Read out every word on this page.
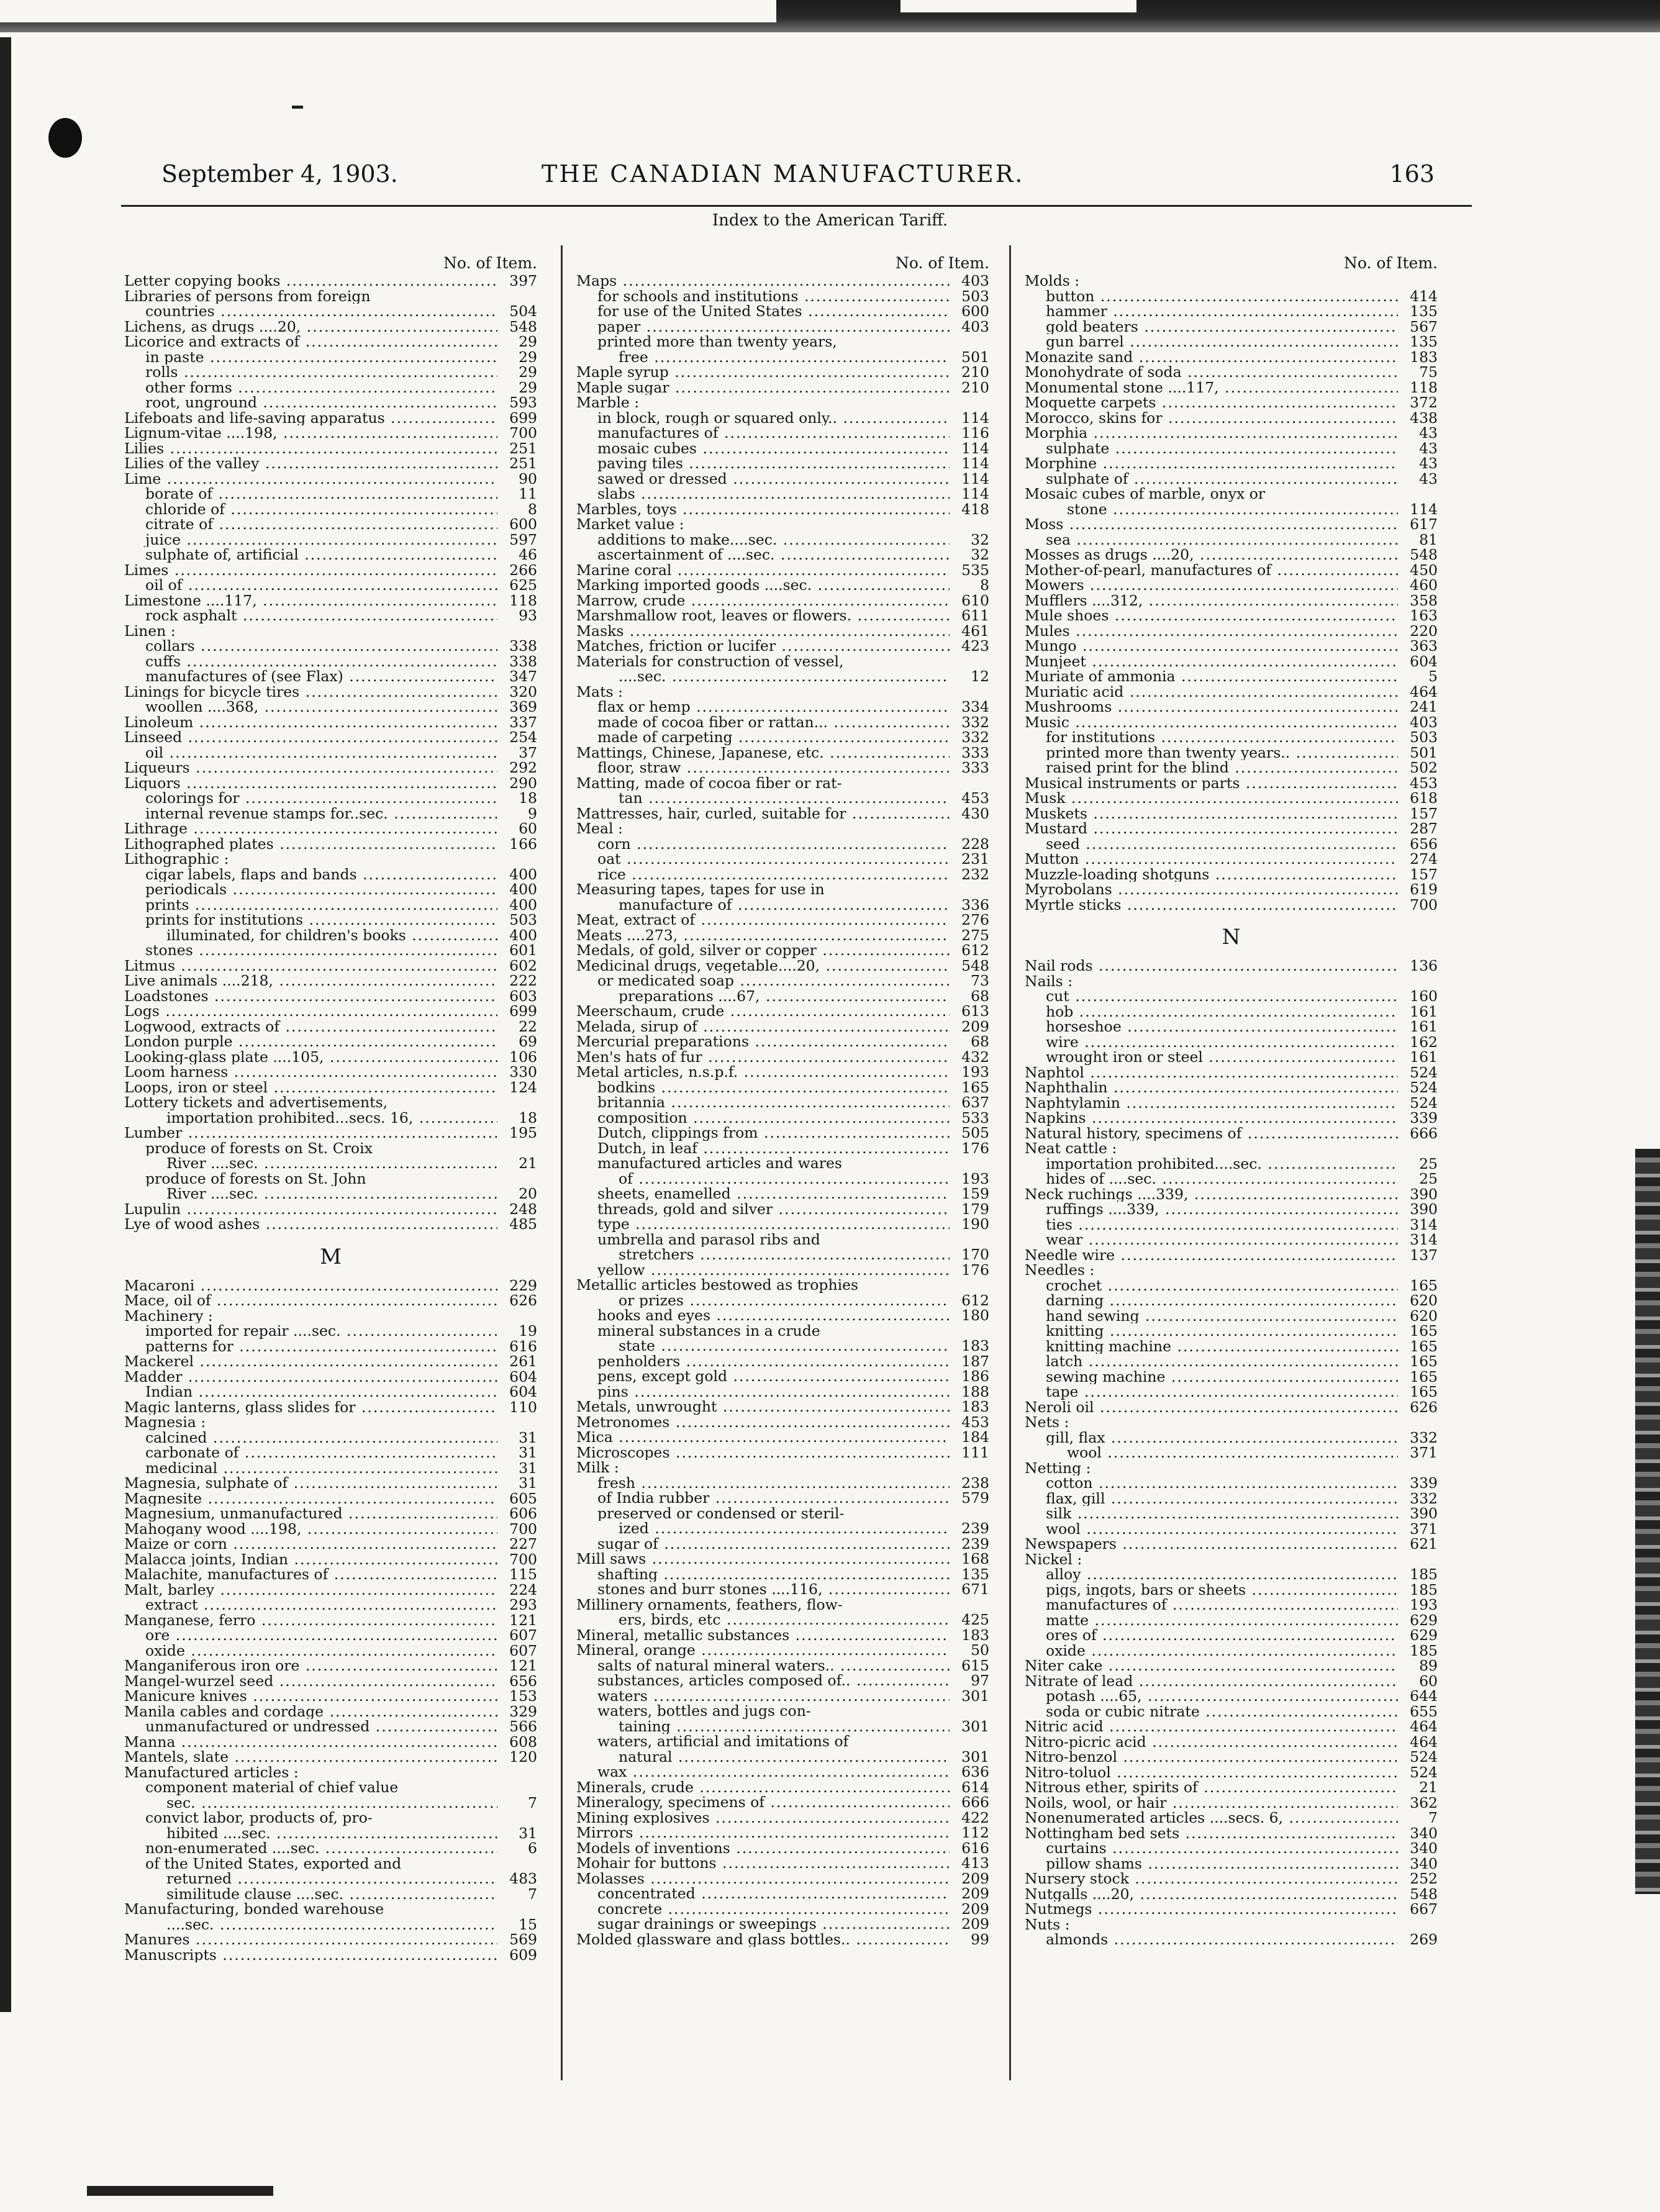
September 4, 1903.	THE CANADIAN MANUFACTURER.	163
Index to the American Tariff.
No. of Item.
Letter copying books .....	397
Libraries of persons from foreign
countries .....	504
Lichens, as drugs ....20, .....	548
Licorice and extracts of .....	29
in paste .....	29
rolls .....	29
other forms .....	29
root, unground .....	593
Lifeboats and life-saving apparatus .....	699
Lignum-vitae ....198, .....	700
Lilies .....	251
Lilies of the valley .....	251
Lime .....	90
borate of .....	11
chloride of .....	8
citrate of .....	600
juice .....	597
sulphate of, artificial .....	46
Limes .....	266
oil of .....	625
Limestone ....117, .....	118
rock asphalt .....	93
Linen :
collars .....	338
cuffs .....	338
manufactures of (see Flax) .....	347
Linings for bicycle tires .....	320
woollen ....368, .....	369
Linoleum .....	337
Linseed .....	254
oil .....	37
Liqueurs .....	292
Liquors .....	290
colorings for .....	18
internal revenue stamps for..sec. .....	9
Lithrage .....	60
Lithographed plates .....	166
Lithographic :
cigar labels, flaps and bands .....	400
periodicals .....	400
prints .....	400
prints for institutions .....	503
illuminated, for children's books .....	400
stones .....	601
Litmus .....	602
Live animals ....218, .....	222
Loadstones .....	603
Logs .....	699
Logwood, extracts of .....	22
London purple .....	69
Looking-glass plate ....105, .....	106
Loom harness .....	330
Loops, iron or steel .....	124
Lottery tickets and advertisements,
importation prohibited...secs. 16, .....	18
Lumber .....	195
produce of forests on St. Croix
River ....sec. .....	21
produce of forests on St. John
River ....sec. .....	20
Lupulin .....	248
Lye of wood ashes .....	485
M
Macaroni .....	229
Mace, oil of .....	626
Machinery :
imported for repair ....sec. .....	19
patterns for .....	616
Mackerel .....	261
Madder .....	604
Indian .....	604
Magic lanterns, glass slides for .....	110
Magnesia :
calcined .....	31
carbonate of .....	31
medicinal .....	31
Magnesia, sulphate of .....	31
Magnesite .....	605
Magnesium, unmanufactured .....	606
Mahogany wood ....198, .....	700
Maize or corn .....	227
Malacca joints, Indian .....	700
Malachite, manufactures of .....	115
Malt, barley .....	224
extract .....	293
Manganese, ferro .....	121
ore .....	607
oxide .....	607
Manganiferous iron ore .....	121
Mangel-wurzel seed .....	656
Manicure knives .....	153
Manila cables and cordage .....	329
unmanufactured or undressed .....	566
Manna .....	608
Mantels, slate .....	120
Manufactured articles :
component material of chief value
sec. .....	7
convict labor, products of, pro-
hibited ....sec. .....	31
non-enumerated ....sec. .....	6
of the United States, exported and
returned .....	483
similitude clause ....sec. .....	7
Manufacturing, bonded warehouse
....sec. .....	15
Manures .....	569
Manuscripts .....	609
No. of Item.
Maps .....	403
for schools and institutions .....	503
for use of the United States .....	600
paper .....	403
printed more than twenty years,
free .....	501
Maple syrup .....	210
Maple sugar .....	210
Marble :
in block, rough or squared only.. .....	114
manufactures of .....	116
mosaic cubes .....	114
paving tiles .....	114
sawed or dressed .....	114
slabs .....	114
Marbles, toys .....	418
Market value :
additions to make....sec. .....	32
ascertainment of ....sec. .....	32
Marine coral .....	535
Marking imported goods ....sec. .....	8
Marrow, crude .....	610
Marshmallow root, leaves or flowers. .....	611
Masks .....	461
Matches, friction or lucifer .....	423
Materials for construction of vessel,
....sec. .....	12
Mats :
flax or hemp .....	334
made of cocoa fiber or rattan... .....	332
made of carpeting .....	332
Mattings, Chinese, Japanese, etc. .....	333
floor, straw .....	333
Matting, made of cocoa fiber or rat-
tan .....	453
Mattresses, hair, curled, suitable for .....	430
Meal :
corn .....	228
oat .....	231
rice .....	232
Measuring tapes, tapes for use in
manufacture of .....	336
Meat, extract of .....	276
Meats ....273, .....	275
Medals, of gold, silver or copper .....	612
Medicinal drugs, vegetable....20, .....	548
or medicated soap .....	73
preparations ....67, .....	68
Meerschaum, crude .....	613
Melada, sirup of .....	209
Mercurial preparations .....	68
Men's hats of fur .....	432
Metal articles, n.s.p.f. .....	193
bodkins .....	165
britannia .....	637
composition .....	533
Dutch, clippings from .....	505
Dutch, in leaf .....	176
manufactured articles and wares
of .....	193
sheets, enamelled .....	159
threads, gold and silver .....	179
type .....	190
umbrella and parasol ribs and
stretchers .....	170
yellow .....	176
Metallic articles bestowed as trophies
or prizes .....	612
hooks and eyes .....	180
mineral substances in a crude
state .....	183
penholders .....	187
pens, except gold .....	186
pins .....	188
Metals, unwrought .....	183
Metronomes .....	453
Mica .....	184
Microscopes .....	111
Milk :
fresh .....	238
of India rubber .....	579
preserved or condensed or steril-
ized .....	239
sugar of .....	239
Mill saws .....	168
shafting .....	135
stones and burr stones ....116, .....	671
Millinery ornaments, feathers, flow-
ers, birds, etc .....	425
Mineral, metallic substances .....	183
Mineral, orange .....	50
salts of natural mineral waters.. .....	615
substances, articles composed of.. .....	97
waters .....	301
waters, bottles and jugs con-
taining .....	301
waters, artificial and imitations of
natural .....	301
wax .....	636
Minerals, crude .....	614
Mineralogy, specimens of .....	666
Mining explosives .....	422
Mirrors .....	112
Models of inventions .....	616
Mohair for buttons .....	413
Molasses .....	209
concentrated .....	209
concrete .....	209
sugar drainings or sweepings .....	209
Molded glassware and glass bottles.. .....	99
No. of Item.
Molds :
button .....	414
hammer .....	135
gold beaters .....	567
gun barrel .....	135
Monazite sand .....	183
Monohydrate of soda .....	75
Monumental stone ....117, .....	118
Moquette carpets .....	372
Morocco, skins for .....	438
Morphia .....	43
sulphate .....	43
Morphine .....	43
sulphate of .....	43
Mosaic cubes of marble, onyx or
stone .....	114
Moss .....	617
sea .....	81
Mosses as drugs ....20, .....	548
Mother-of-pearl, manufactures of .....	450
Mowers .....	460
Mufflers ....312, .....	358
Mule shoes .....	163
Mules .....	220
Mungo .....	363
Munjeet .....	604
Muriate of ammonia .....	5
Muriatic acid .....	464
Mushrooms .....	241
Music .....	403
for institutions .....	503
printed more than twenty years.. .....	501
raised print for the blind .....	502
Musical instruments or parts .....	453
Musk .....	618
Muskets .....	157
Mustard .....	287
seed .....	656
Mutton .....	274
Muzzle-loading shotguns .....	157
Myrobolans .....	619
Myrtle sticks .....	700
N
Nail rods .....	136
Nails :
cut .....	160
hob .....	161
horseshoe .....	161
wire .....	162
wrought iron or steel .....	161
Naphtol .....	524
Naphthalin .....	524
Naphtylamin .....	524
Napkins .....	339
Natural history, specimens of .....	666
Neat cattle :
importation prohibited....sec. .....	25
hides of ....sec. .....	25
Neck ruchings ....339, .....	390
ruffings ....339, .....	390
ties .....	314
wear .....	314
Needle wire .....	137
Needles :
crochet .....	165
darning .....	620
hand sewing .....	620
knitting .....	165
knitting machine .....	165
latch .....	165
sewing machine .....	165
tape .....	165
Neroli oil .....	626
Nets :
gill, flax .....	332
wool .....	371
Netting :
cotton .....	339
flax, gill .....	332
silk .....	390
wool .....	371
Newspapers .....	621
Nickel :
alloy .....	185
pigs, ingots, bars or sheets .....	185
manufactures of .....	193
matte .....	629
ores of .....	629
oxide .....	185
Niter cake .....	89
Nitrate of lead .....	60
potash ....65, .....	644
soda or cubic nitrate .....	655
Nitric acid .....	464
Nitro-picric acid .....	464
Nitro-benzol .....	524
Nitro-toluol .....	524
Nitrous ether, spirits of .....	21
Noils, wool, or hair .....	362
Nonenumerated articles ....secs. 6, .....	7
Nottingham bed sets .....	340
curtains .....	340
pillow shams .....	340
Nursery stock .....	252
Nutgalls ....20, .....	548
Nutmegs .....	667
Nuts :
almonds .....	269
